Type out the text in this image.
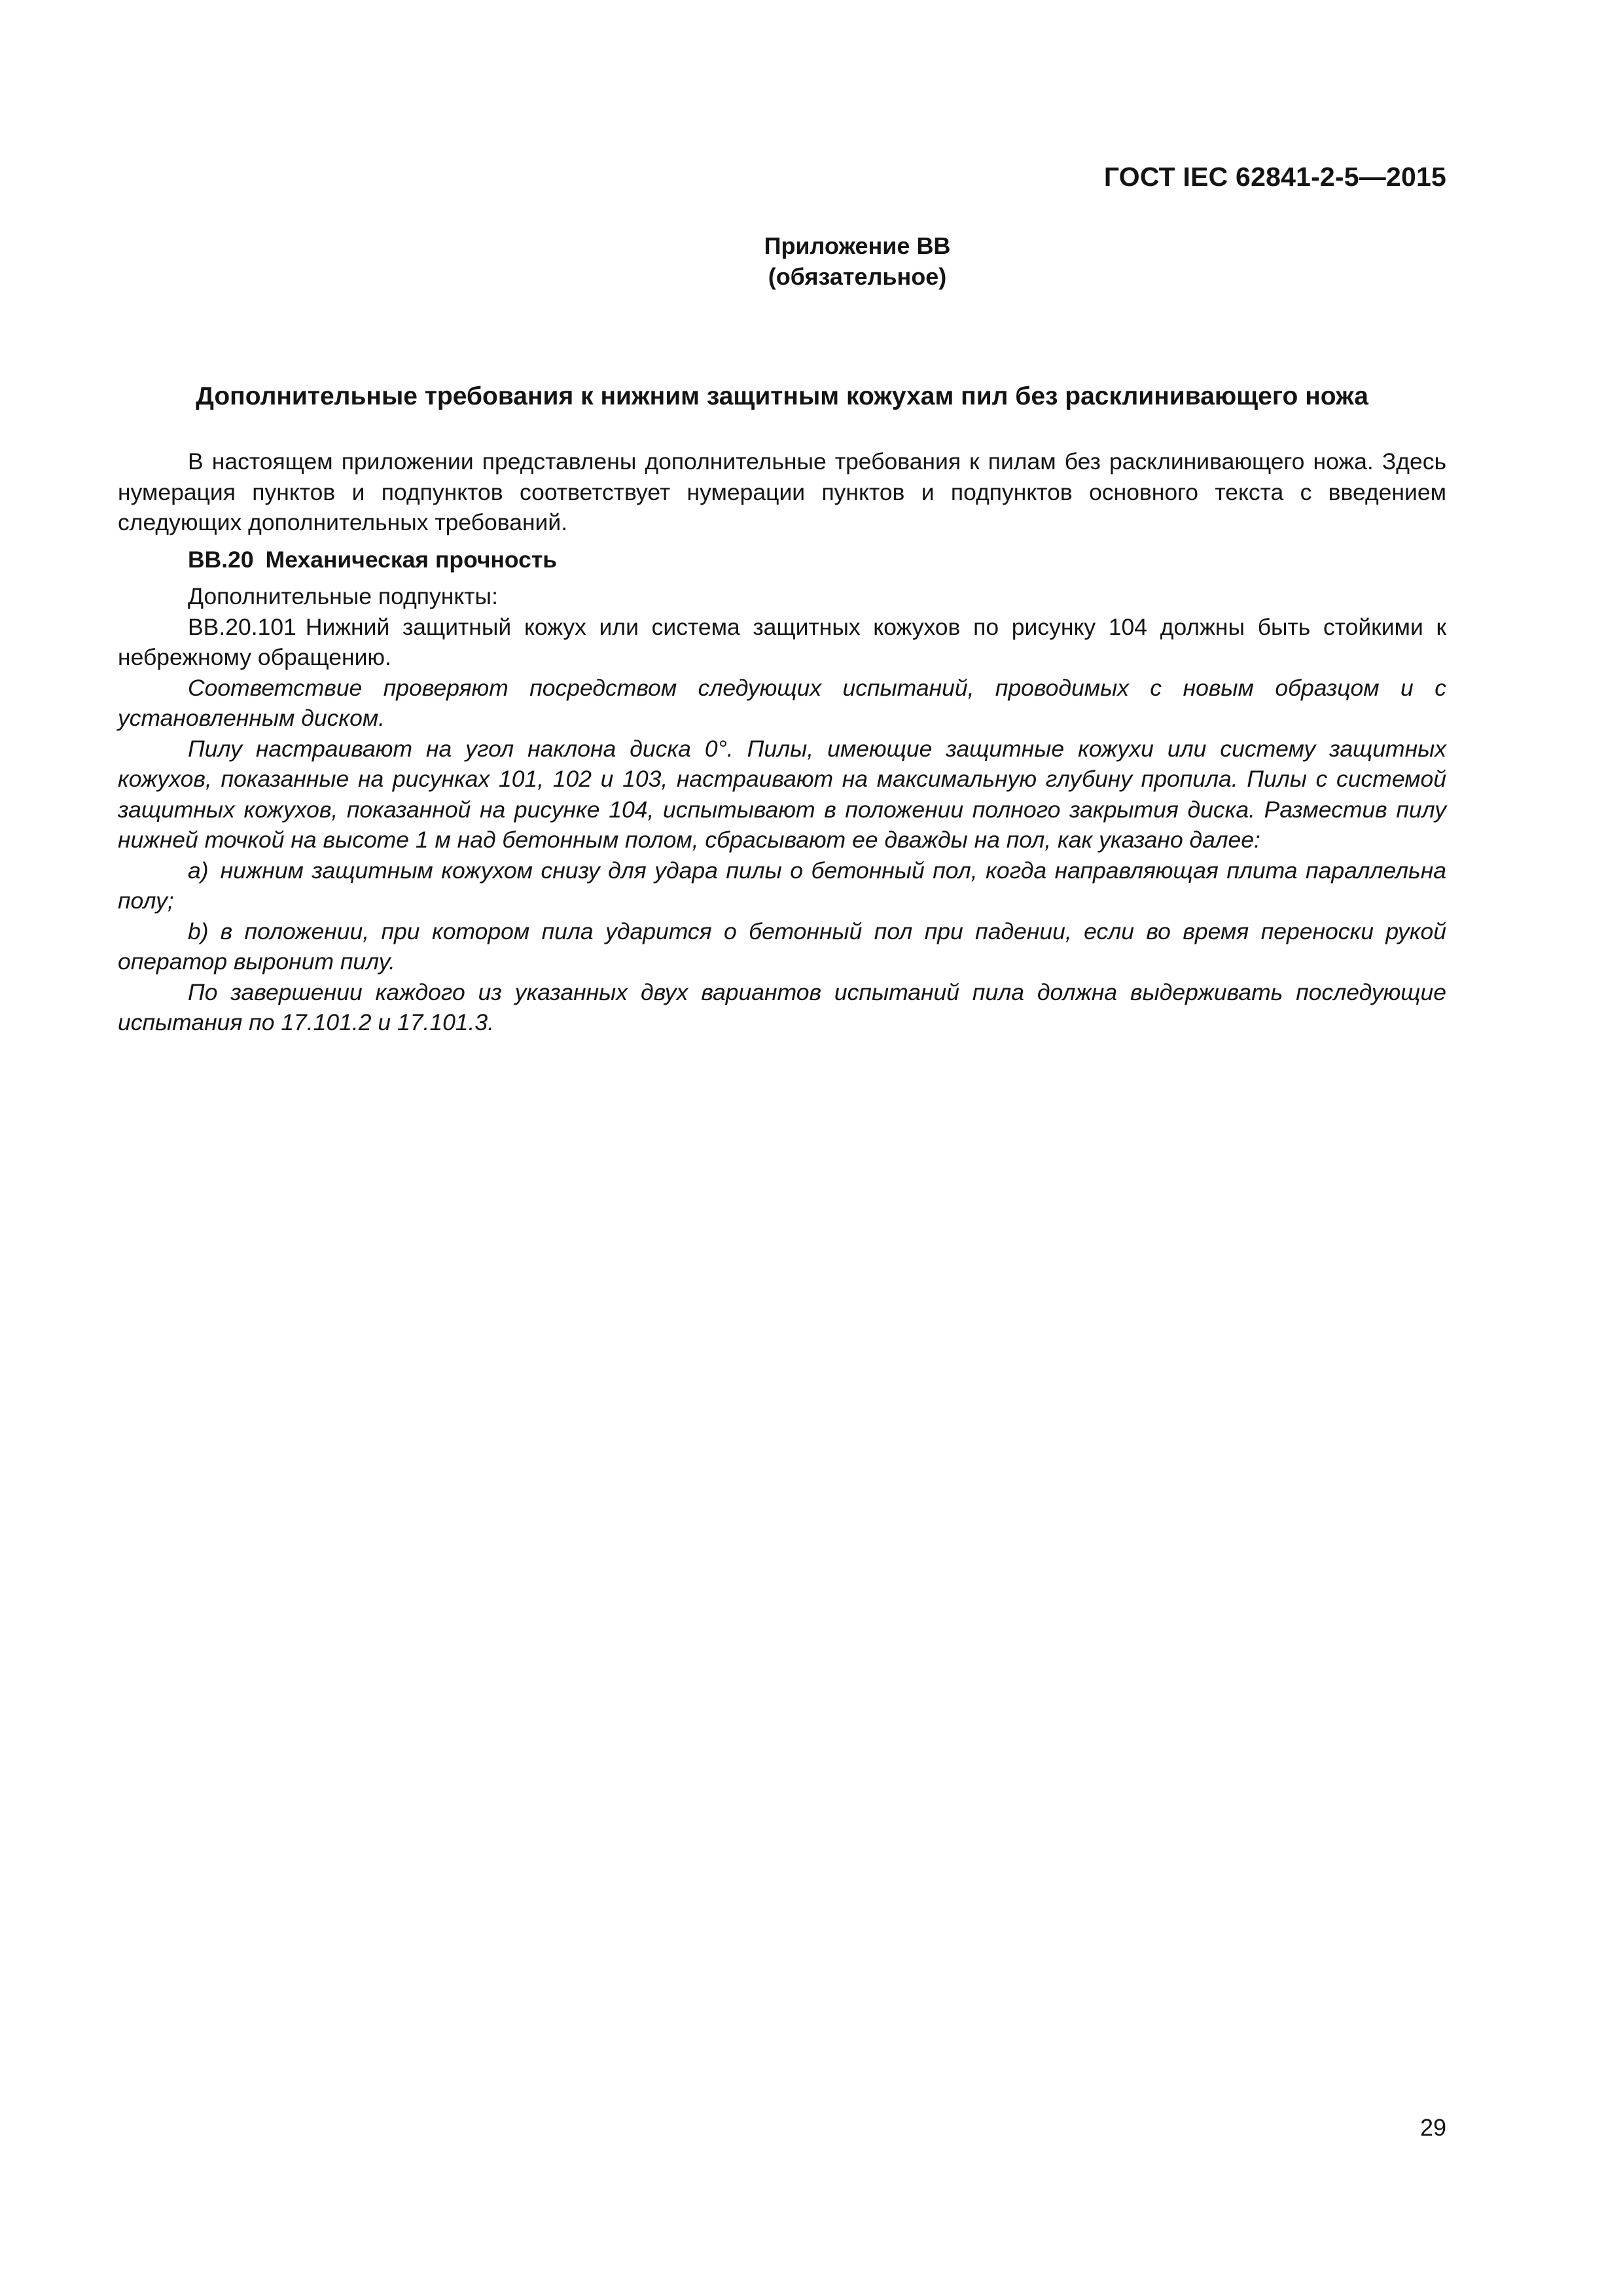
ГОСТ IEC 62841-2-5—2015
Приложение ВВ
(обязательное)
Дополнительные требования к нижним защитным кожухам пил без расклинивающего ножа

В настоящем приложении представлены дополнительные требования к пилам без расклинивающего ножа. Здесь нумерация пунктов и подпунктов соответствует нумерации пунктов и подпунктов основного текста с введением следующих дополнительных требований.

ВВ.20 Механическая прочность

Дополнительные подпункты:

ВВ.20.101 Нижний защитный кожух или система защитных кожухов по рисунку 104 должны быть стойкими к небрежному обращению.

Соответствие проверяют посредством следующих испытаний, проводимых с новым образцом и с установленным диском.

Пилу настраивают на угол наклона диска 0°. Пилы, имеющие защитные кожухи или систему защитных кожухов, показанные на рисунках 101, 102 и 103, настраивают на максимальную глубину пропила. Пилы с системой защитных кожухов, показанной на рисунке 104, испытывают в положении полного закрытия диска. Разместив пилу нижней точкой на высоте 1 м над бетонным полом, сбрасывают ее дважды на пол, как указано далее:

a) нижним защитным кожухом снизу для удара пилы о бетонный пол, когда направляющая плита параллельна полу;

b) в положении, при котором пила ударится о бетонный пол при падении, если во время переноски рукой оператор выронит пилу.

По завершении каждого из указанных двух вариантов испытаний пила должна выдерживать последующие испытания по 17.101.2 и 17.101.3.

29
